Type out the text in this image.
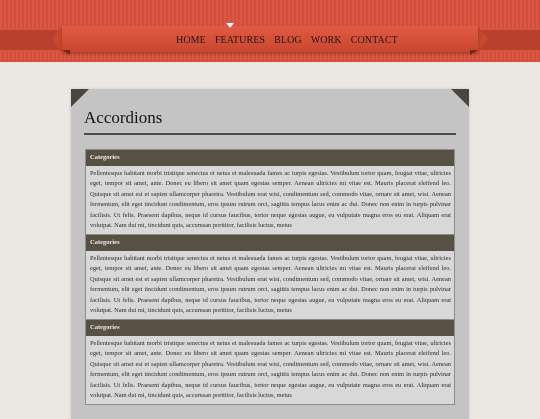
HOME FEATURES BLOG WORK CONTACT
Accordions
Categories
Pellentesque habitant morbi tristique senectus et netus et malesuada fames ac turpis egestas. Vestibulum tortor quam, feugiat vitae, ultricies eget, tempor sit amet, ante. Donec eu libero sit amet quam egestas semper. Aenean ultricies mi vitae est. Mauris placerat eleifend leo. Quisque sit amet est et sapien ullamcorper pharetra. Vestibulum erat wisi, condimentum sed, commodo vitae, ornare sit amet, wisi. Aenean fermentum, elit eget tincidunt condimentum, eros ipsum rutrum orci, sagittis tempus lacus enim ac dui. Donec non enim in turpis pulvinar facilisis. Ut felis. Praesent dapibus, neque id cursus faucibus, tortor neque egestas augue, eu vulputate magna eros eu erat. Aliquam erat volutpat. Nam dui mi, tincidunt quis, accumsan porttitor, facilisis luctus, metus
Categories
Pellentesque habitant morbi tristique senectus et netus et malesuada fames ac turpis egestas. Vestibulum tortor quam, feugiat vitae, ultricies eget, tempor sit amet, ante. Donec eu libero sit amet quam egestas semper. Aenean ultricies mi vitae est. Mauris placerat eleifend leo. Quisque sit amet est et sapien ullamcorper pharetra. Vestibulum erat wisi, condimentum sed, commodo vitae, ornare sit amet, wisi. Aenean fermentum, elit eget tincidunt condimentum, eros ipsum rutrum orci, sagittis tempus lacus enim ac dui. Donec non enim in turpis pulvinar facilisis. Ut felis. Praesent dapibus, neque id cursus faucibus, tortor neque egestas augue, eu vulputate magna eros eu erat. Aliquam erat volutpat. Nam dui mi, tincidunt quis, accumsan porttitor, facilisis luctus, metus
Categories
Pellentesque habitant morbi tristique senectus et netus et malesuada fames ac turpis egestas. Vestibulum tortor quam, feugiat vitae, ultricies eget, tempor sit amet, ante. Donec eu libero sit amet quam egestas semper. Aenean ultricies mi vitae est. Mauris placerat eleifend leo. Quisque sit amet est et sapien ullamcorper pharetra. Vestibulum erat wisi, condimentum sed, commodo vitae, ornare sit amet, wisi. Aenean fermentum, elit eget tincidunt condimentum, eros ipsum rutrum orci, sagittis tempus lacus enim ac dui. Donec non enim in turpis pulvinar facilisis. Ut felis. Praesent dapibus, neque id cursus faucibus, tortor neque egestas augue, eu vulputate magna eros eu erat. Aliquam erat volutpat. Nam dui mi, tincidunt quis, accumsan porttitor, facilisis luctus, metus
